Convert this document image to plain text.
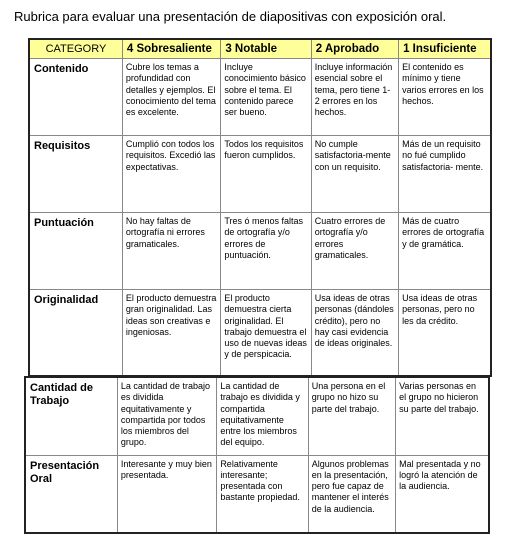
Rubrica para evaluar una presentación de diapositivas con exposición oral.
CATEGORY	4 Sobresaliente	3 Notable	2 Aprobado	1 Insuficiente
Contenido	Cubre los temas a profundidad con detalles y ejemplos. El conocimiento del tema es excelente.	Incluye conocimiento básico sobre el tema. El contenido parece ser bueno.	Incluye información esencial sobre el tema, pero tiene 1-2 errores en los hechos.	El contenido es mínimo y tiene varios errores en los hechos.
Requisitos	Cumplió con todos los requisitos. Excedió las expectativas.	Todos los requisitos fueron cumplidos.	No cumple satisfactoria-mente con un requisito.	Más de un requisito no fué cumplido satisfactoria- mente.
Puntuación	No hay faltas de ortografía ni errores gramaticales.	Tres ó menos faltas de ortografía y/o errores de puntuación.	Cuatro errores de ortografía y/o errores gramaticales.	Más de cuatro errores de ortografía y de gramática.
Originalidad	El producto demuestra gran originalidad. Las ideas son creativas e ingeniosas.	El producto demuestra cierta originalidad. El trabajo demuestra el uso de nuevas ideas y de perspicacia.	Usa ideas de otras personas (dándoles crédito), pero no hay casi evidencia de ideas originales.	Usa ideas de otras personas, pero no les da crédito.
Cantidad de Trabajo	La cantidad de trabajo es dividida equitativamente y compartida por todos los miembros del grupo.	La cantidad de trabajo es dividida y compartida equitativamente entre los miembros del equipo.	Una persona en el grupo no hizo su parte del trabajo.	Varias personas en el grupo no hicieron su parte del trabajo.
Presentación Oral	Interesante y muy bien presentada.	Relativamente interesante; presentada con bastante propiedad.	Algunos problemas en la presentación, pero fue capaz de mantener el interés de la audiencia.	Mal presentada y no logró la atención de la audiencia.
